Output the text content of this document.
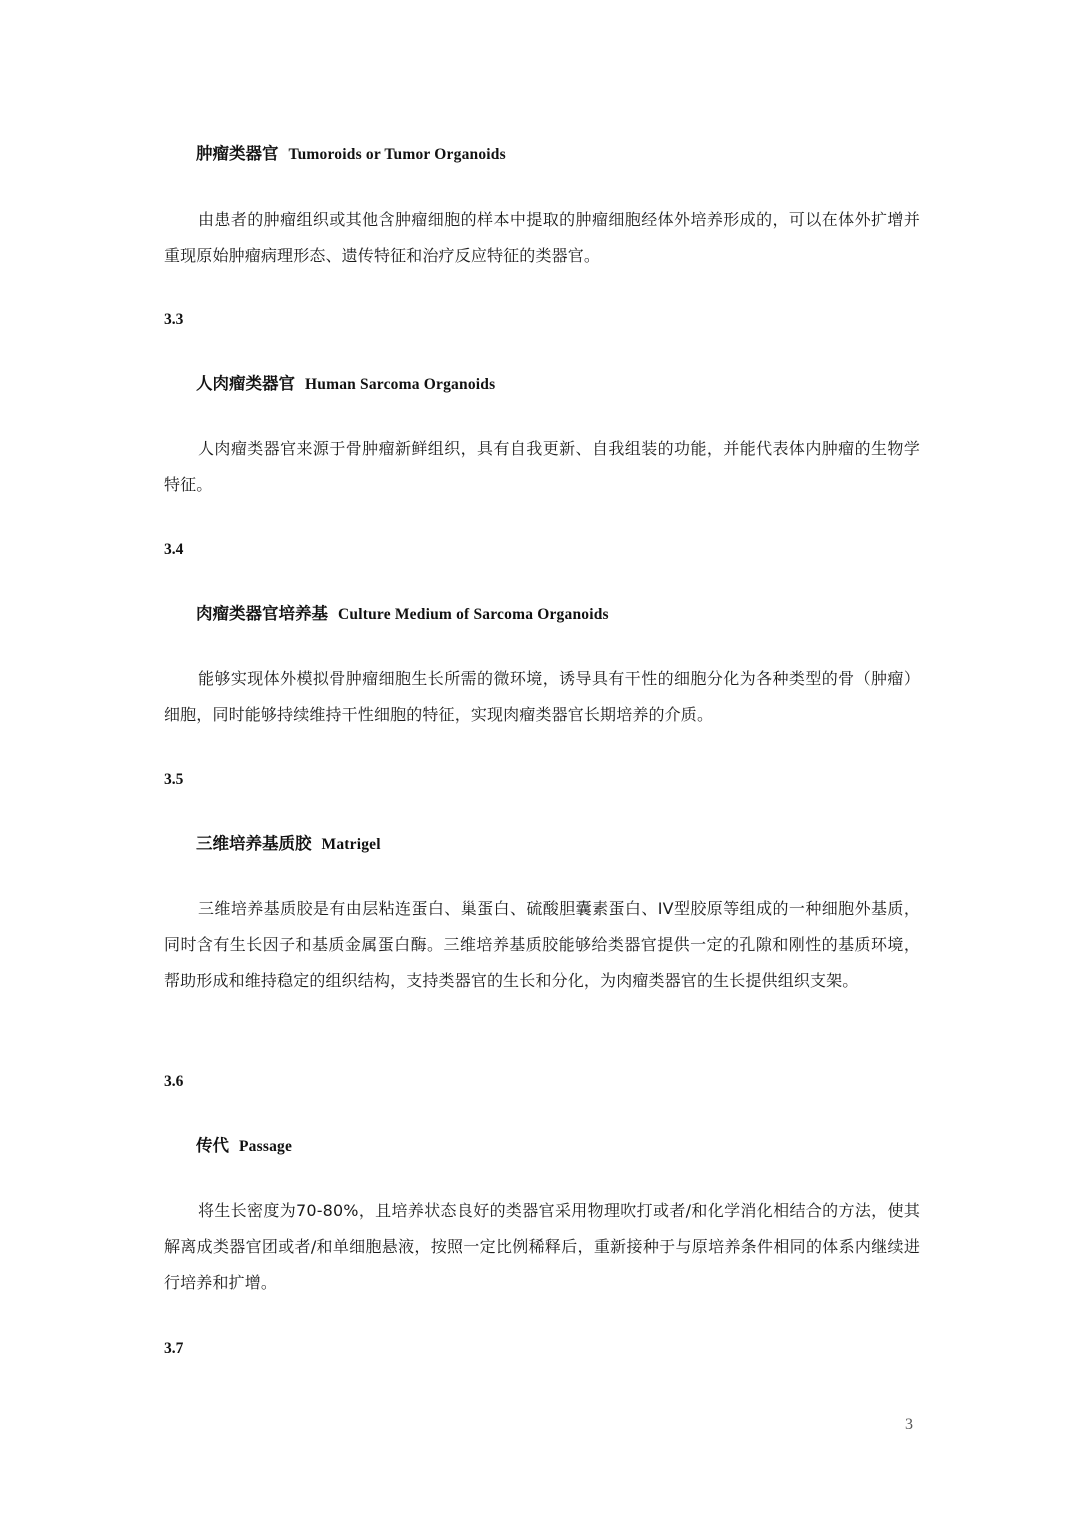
肿瘤类器官 Tumoroids or Tumor Organoids

由患者的肿瘤组织或其他含肿瘤细胞的样本中提取的肿瘤细胞经体外培养形成的，可以在体外扩增并重现原始肿瘤病理形态、遗传特征和治疗反应特征的类器官。

3.3

人肉瘤类器官 Human Sarcoma Organoids

人肉瘤类器官来源于骨肿瘤新鲜组织，具有自我更新、自我组装的功能，并能代表体内肿瘤的生物学特征。

3.4

肉瘤类器官培养基 Culture Medium of Sarcoma Organoids

能够实现体外模拟骨肿瘤细胞生长所需的微环境，诱导具有干性的细胞分化为各种类型的骨（肿瘤）细胞，同时能够持续维持干性细胞的特征，实现肉瘤类器官长期培养的介质。

3.5

三维培养基质胶 Matrigel

三维培养基质胶是有由层粘连蛋白、巢蛋白、硫酸胆囊素蛋白、IV型胶原等组成的一种细胞外基质，同时含有生长因子和基质金属蛋白酶。三维培养基质胶能够给类器官提供一定的孔隙和刚性的基质环境，帮助形成和维持稳定的组织结构，支持类器官的生长和分化，为肉瘤类器官的生长提供组织支架。

3.6

传代 Passage

将生长密度为70-80%，且培养状态良好的类器官采用物理吹打或者/和化学消化相结合的方法，使其解离成类器官团或者/和单细胞悬液，按照一定比例稀释后，重新接种于与原培养条件相同的体系内继续进行培养和扩增。

3.7

3
